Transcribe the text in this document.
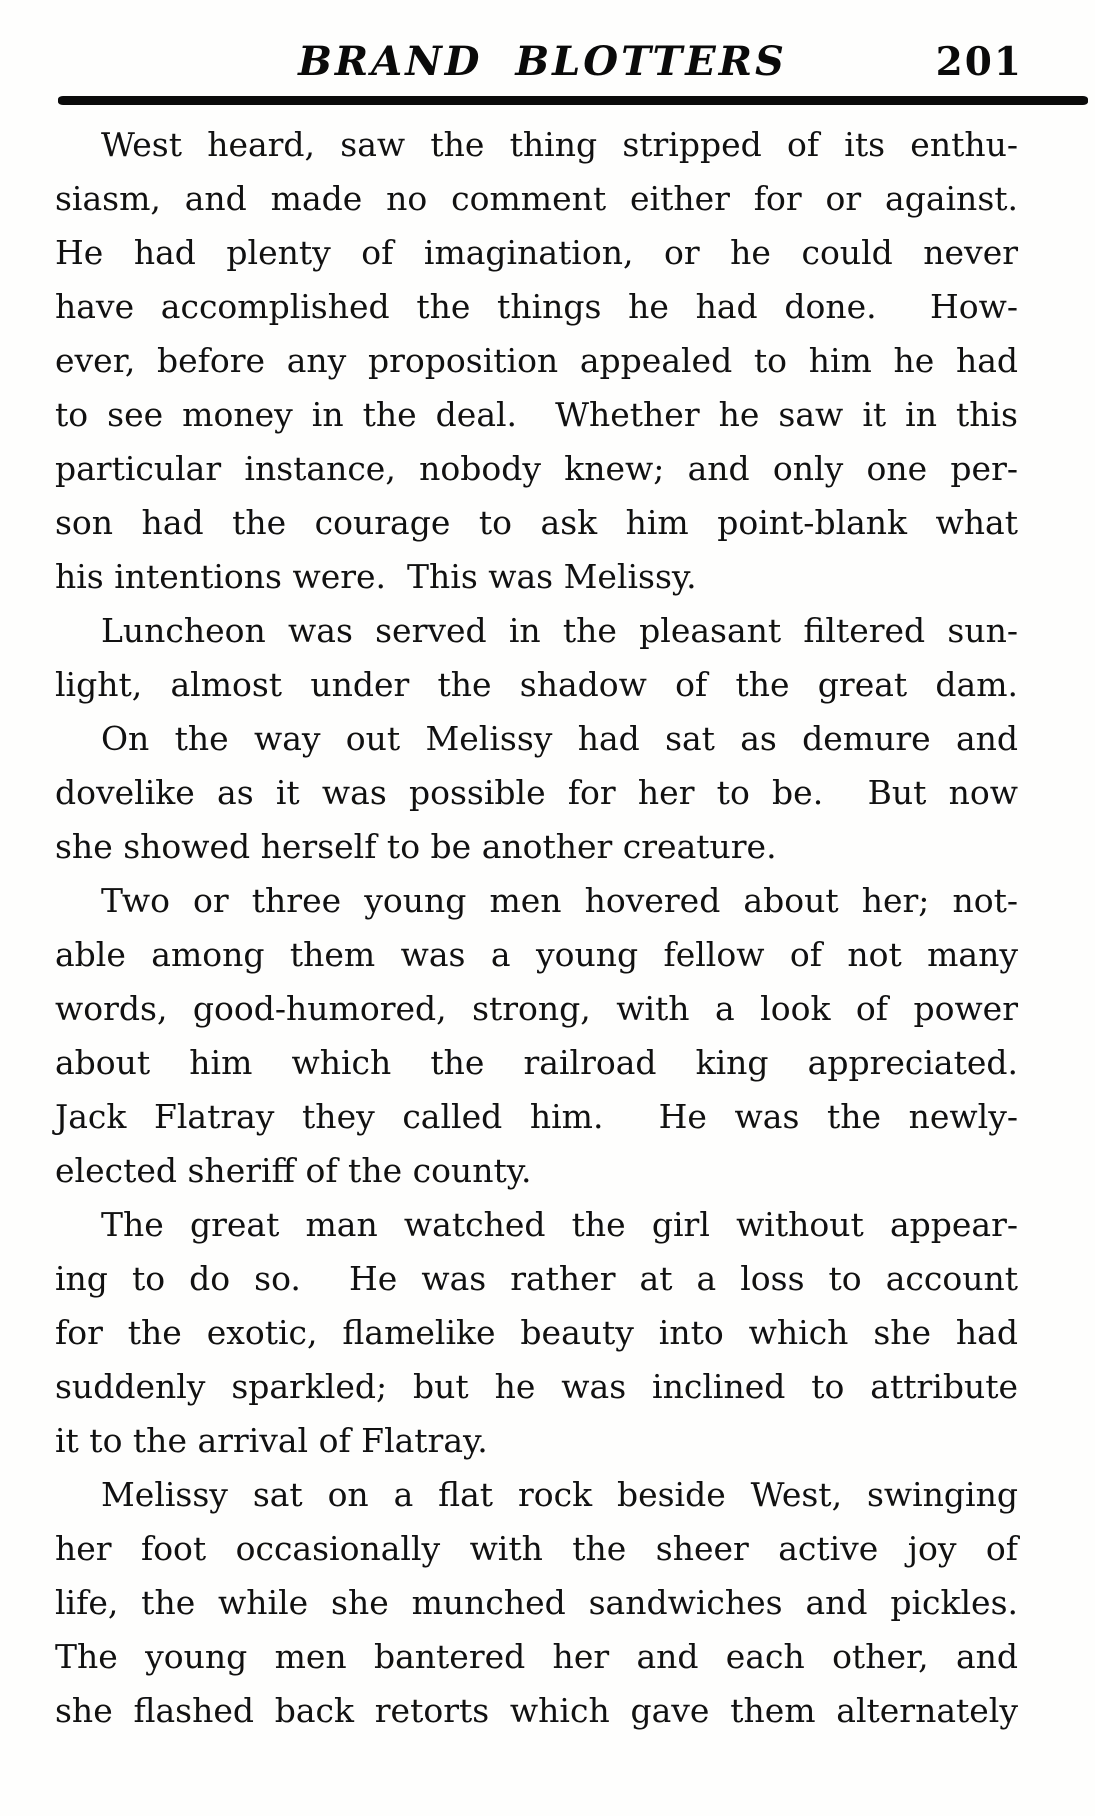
BRAND BLOTTERS	201
West heard, saw the thing stripped of its enthu-
siasm, and made no comment either for or against.
He had plenty of imagination, or he could never
have accomplished the things he had done.  How-
ever, before any proposition appealed to him he had
to see money in the deal.  Whether he saw it in this
particular instance, nobody knew; and only one per-
son had the courage to ask him point-blank what
his intentions were.  This was Melissy.
Luncheon was served in the pleasant filtered sun-
light, almost under the shadow of the great dam.
On the way out Melissy had sat as demure and
dovelike as it was possible for her to be.  But now
she showed herself to be another creature.
Two or three young men hovered about her; not-
able among them was a young fellow of not many
words, good-humored, strong, with a look of power
about him which the railroad king appreciated.
Jack Flatray they called him.  He was the newly-
elected sheriff of the county.
The great man watched the girl without appear-
ing to do so.  He was rather at a loss to account
for the exotic, flamelike beauty into which she had
suddenly sparkled; but he was inclined to attribute
it to the arrival of Flatray.
Melissy sat on a flat rock beside West, swinging
her foot occasionally with the sheer active joy of
life, the while she munched sandwiches and pickles.
The young men bantered her and each other, and
she flashed back retorts which gave them alternately
